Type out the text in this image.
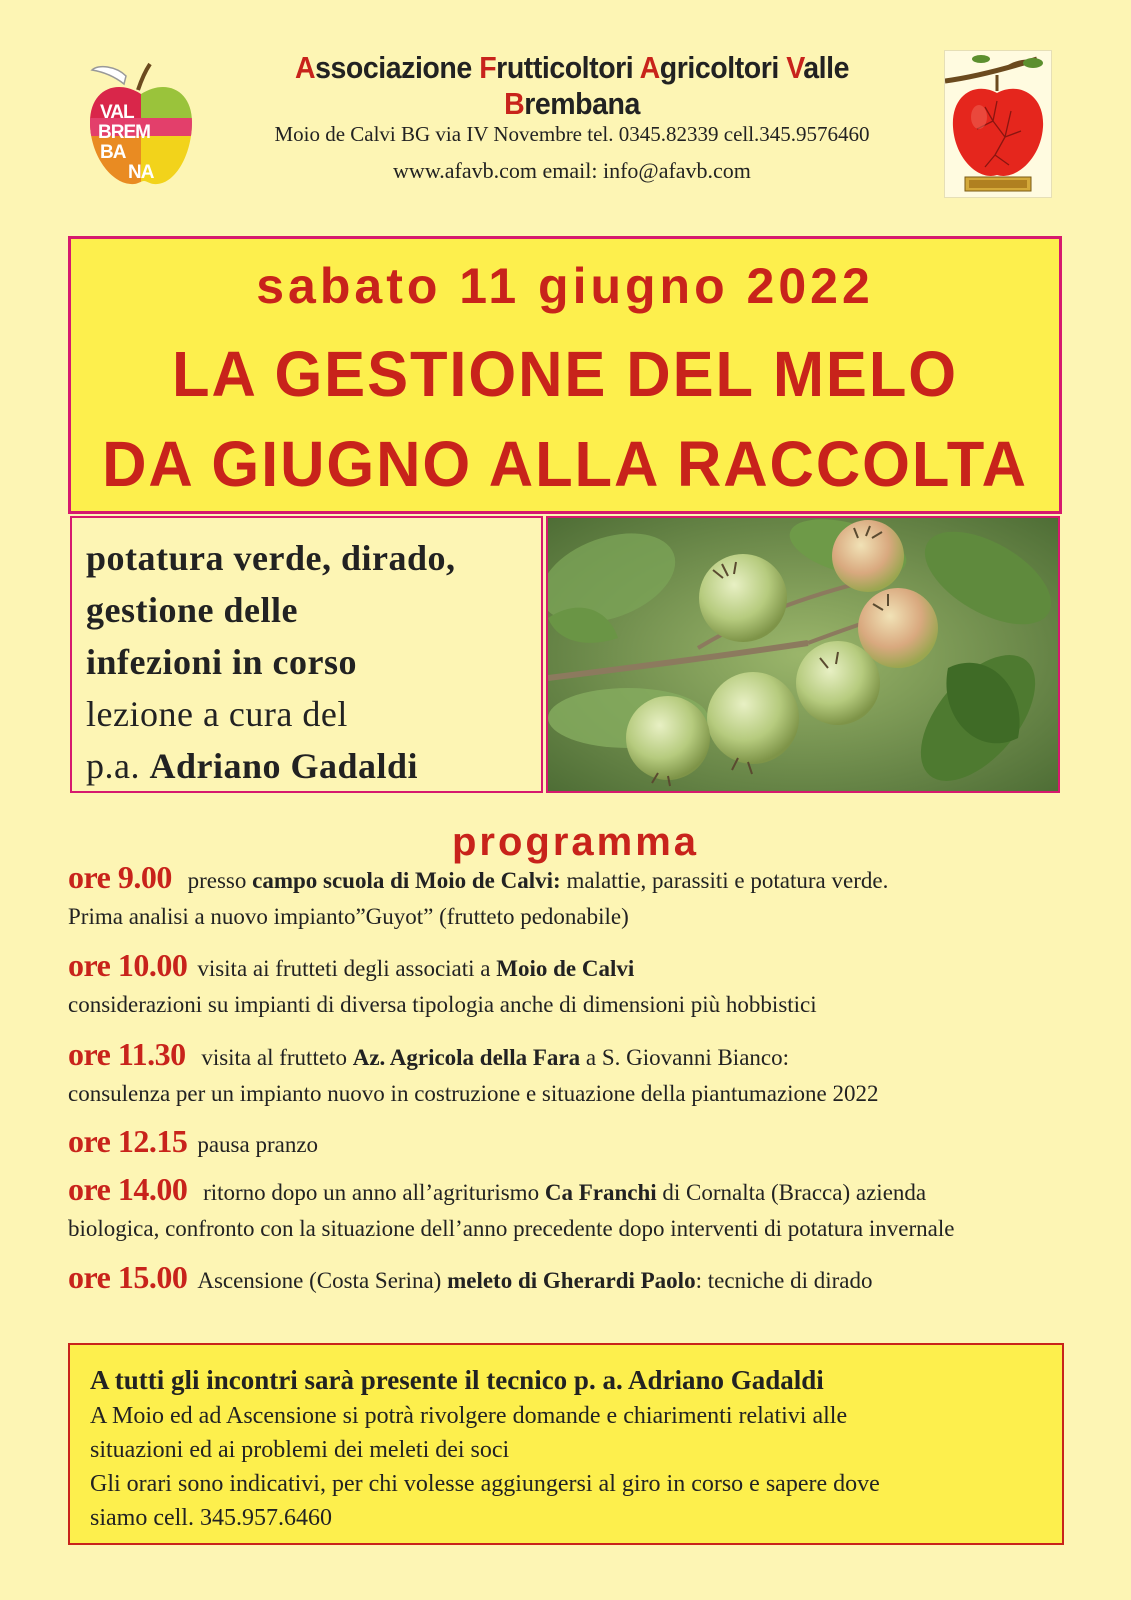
VAL
BREM
BA
NA
Associazione Frutticoltori Agricoltori Valle Brembana
Moio de Calvi BG via IV Novembre tel. 0345.82339 cell.345.9576460
www.afavb.com email: info@afavb.com
sabato 11 giugno 2022
LA GESTIONE DEL MELO
DA GIUGNO ALLA RACCOLTA
potatura verde, dirado,
gestione delle
infezioni in corso
lezione a cura del
p.a. Adriano Gadaldi
programma
ore 9.00 presso campo scuola di Moio de Calvi: malattie, parassiti e potatura verde.
Prima analisi a nuovo impianto”Guyot” (frutteto pedonabile)
ore 10.00 visita ai frutteti degli associati a Moio de Calvi
considerazioni su impianti di diversa tipologia anche di dimensioni più hobbistici
ore 11.30 visita al frutteto Az. Agricola della Fara a S. Giovanni Bianco:
consulenza per un impianto nuovo in costruzione e situazione della piantumazione 2022
ore 12.15 pausa pranzo
ore 14.00 ritorno dopo un anno all’agriturismo Ca Franchi di Cornalta (Bracca) azienda
biologica, confronto con la situazione dell’anno precedente dopo interventi di potatura invernale
ore 15.00 Ascensione (Costa Serina) meleto di Gherardi Paolo: tecniche di dirado
A tutti gli incontri sarà presente il tecnico p. a. Adriano Gadaldi
A Moio ed ad Ascensione si potrà rivolgere domande e chiarimenti relativi alle
situazioni ed ai problemi dei meleti dei soci
Gli orari sono indicativi, per chi volesse aggiungersi al giro in corso e sapere dove
siamo cell. 345.957.6460
